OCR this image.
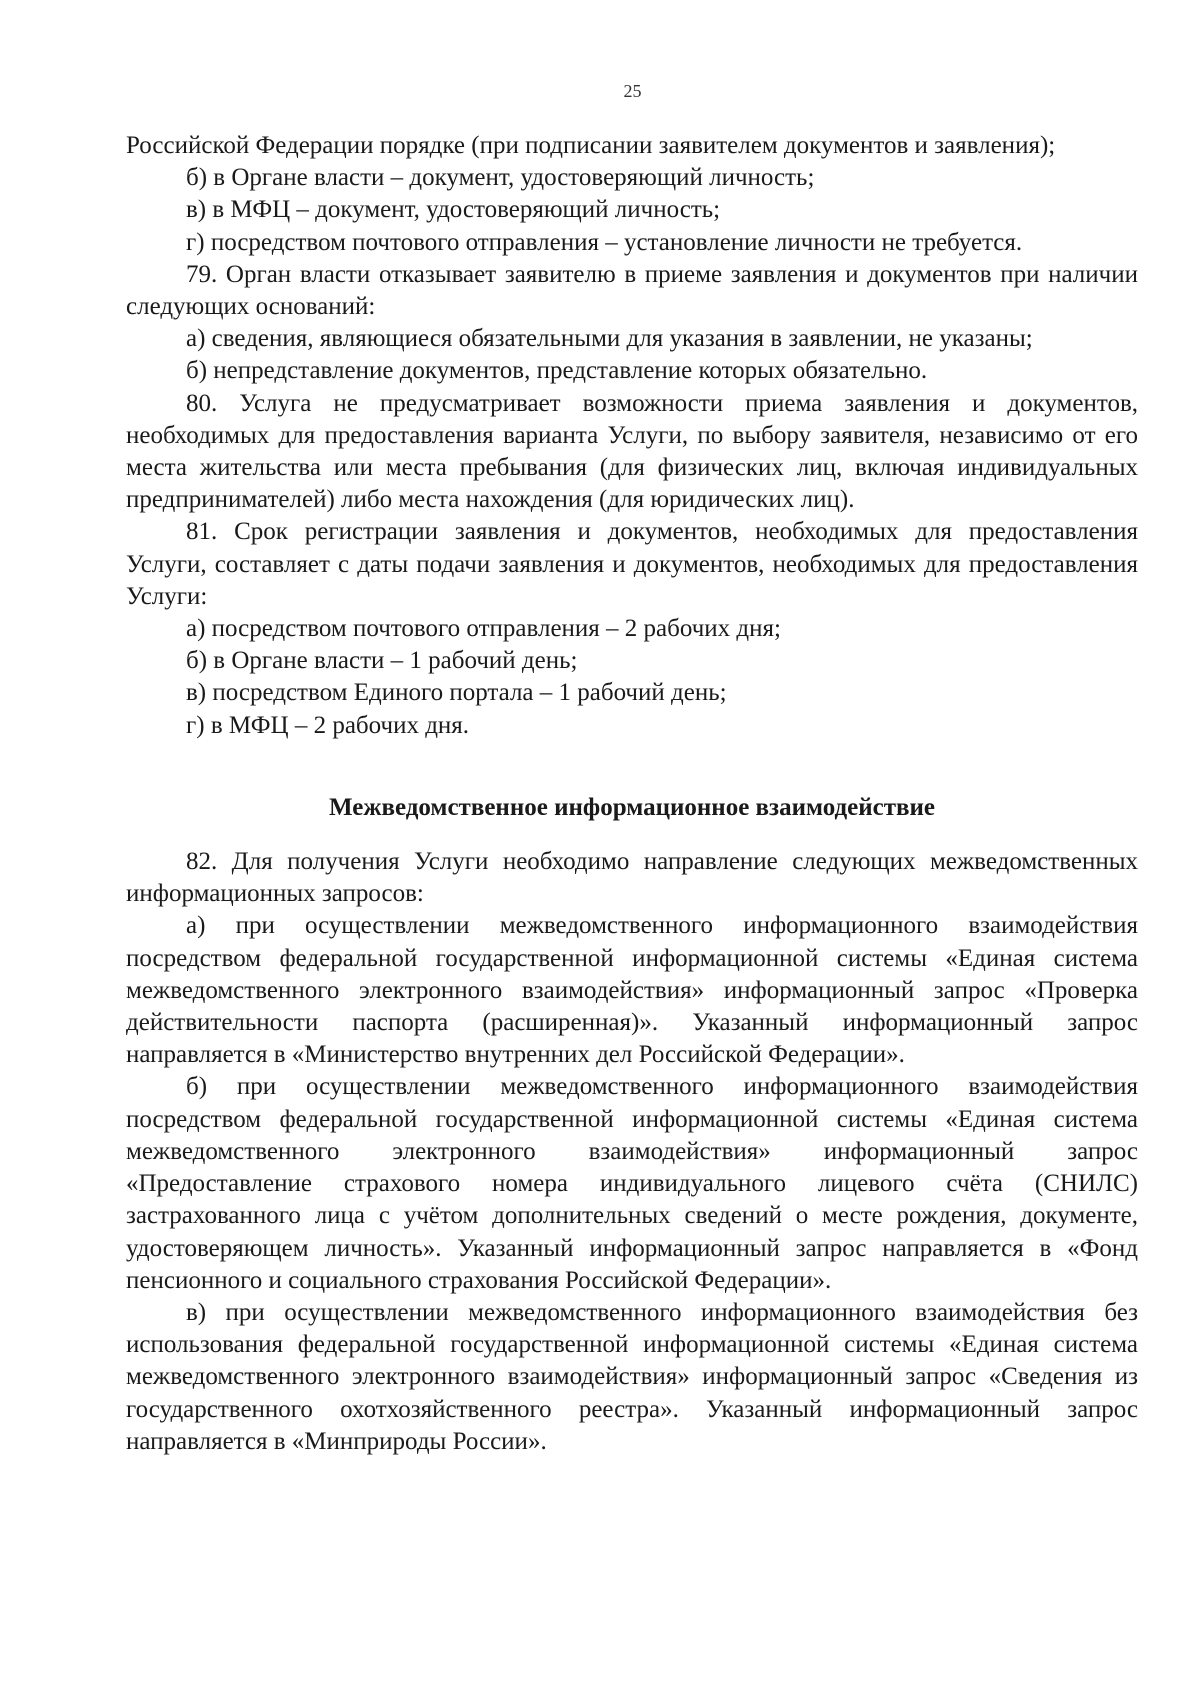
25

Российской Федерации порядке (при подписании заявителем документов и заявления);

б) в Органе власти – документ, удостоверяющий личность;

в) в МФЦ – документ, удостоверяющий личность;

г) посредством почтового отправления – установление личности не требуется.

79. Орган власти отказывает заявителю в приеме заявления и документов при наличии следующих оснований:

а) сведения, являющиеся обязательными для указания в заявлении, не указаны;

б) непредставление документов, представление которых обязательно.

80. Услуга не предусматривает возможности приема заявления и документов, необходимых для предоставления варианта Услуги, по выбору заявителя, независимо от его места жительства или места пребывания (для физических лиц, включая индивидуальных предпринимателей) либо места нахождения (для юридических лиц).

81. Срок регистрации заявления и документов, необходимых для предоставления Услуги, составляет с даты подачи заявления и документов, необходимых для предоставления Услуги:

а) посредством почтового отправления – 2 рабочих дня;

б) в Органе власти – 1 рабочий день;

в) посредством Единого портала – 1 рабочий день;

г) в МФЦ – 2 рабочих дня.

Межведомственное информационное взаимодействие

82. Для получения Услуги необходимо направление следующих межведомственных информационных запросов:

а) при осуществлении межведомственного информационного взаимодействия посредством федеральной государственной информационной системы «Единая система межведомственного электронного взаимодействия» информационный запрос «Проверка действительности паспорта (расширенная)». Указанный информационный запрос направляется в «Министерство внутренних дел Российской Федерации».

б) при осуществлении межведомственного информационного взаимодействия посредством федеральной государственной информационной системы «Единая система межведомственного электронного взаимодействия» информационный запрос «Предоставление страхового номера индивидуального лицевого счёта (СНИЛС) застрахованного лица с учётом дополнительных сведений о месте рождения, документе, удостоверяющем личность». Указанный информационный запрос направляется в «Фонд пенсионного и социального страхования Российской Федерации».

в) при осуществлении межведомственного информационного взаимодействия без использования федеральной государственной информационной системы «Единая система межведомственного электронного взаимодействия» информационный запрос «Сведения из государственного охотхозяйственного реестра». Указанный информационный запрос направляется в «Минприроды России».
